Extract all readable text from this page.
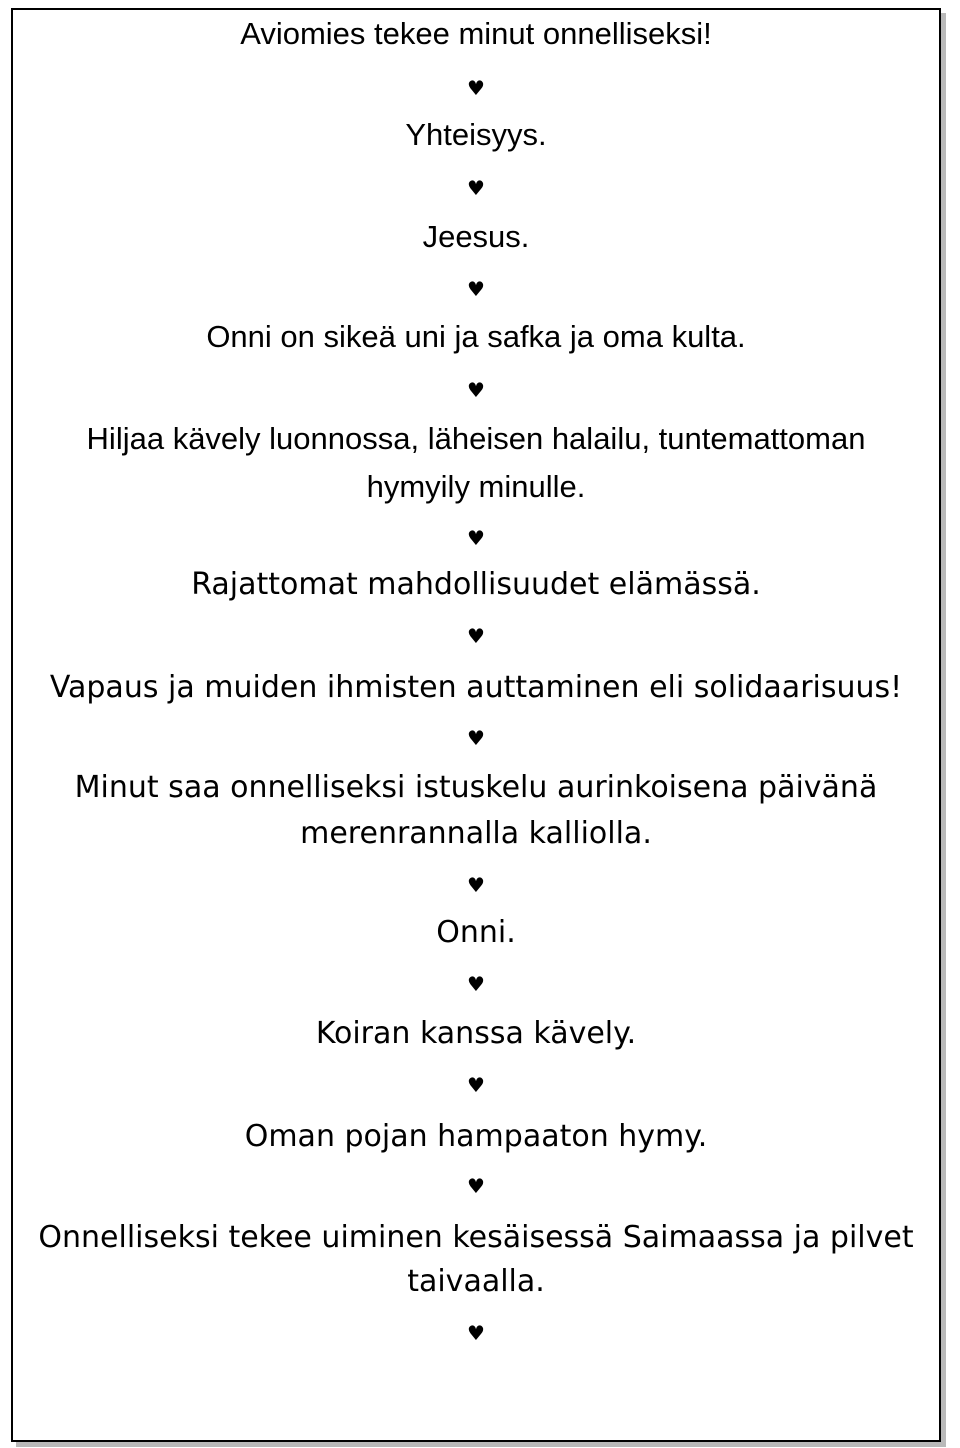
Aviomies tekee minut onnelliseksi!
♥
Yhteisyys.
♥
Jeesus.
♥
Onni on sikeä uni ja safka ja oma kulta.
♥
Hiljaa kävely luonnossa, läheisen halailu, tuntemattoman
hymyily minulle.
♥
Rajattomat mahdollisuudet elämässä.
♥
Vapaus ja muiden ihmisten auttaminen eli solidaarisuus!
♥
Minut saa onnelliseksi istuskelu aurinkoisena päivänä
merenrannalla kalliolla.
♥
Onni.
♥
Koiran kanssa kävely.
♥
Oman pojan hampaaton hymy.
♥
Onnelliseksi tekee uiminen kesäisessä Saimaassa ja pilvet
taivaalla.
♥
